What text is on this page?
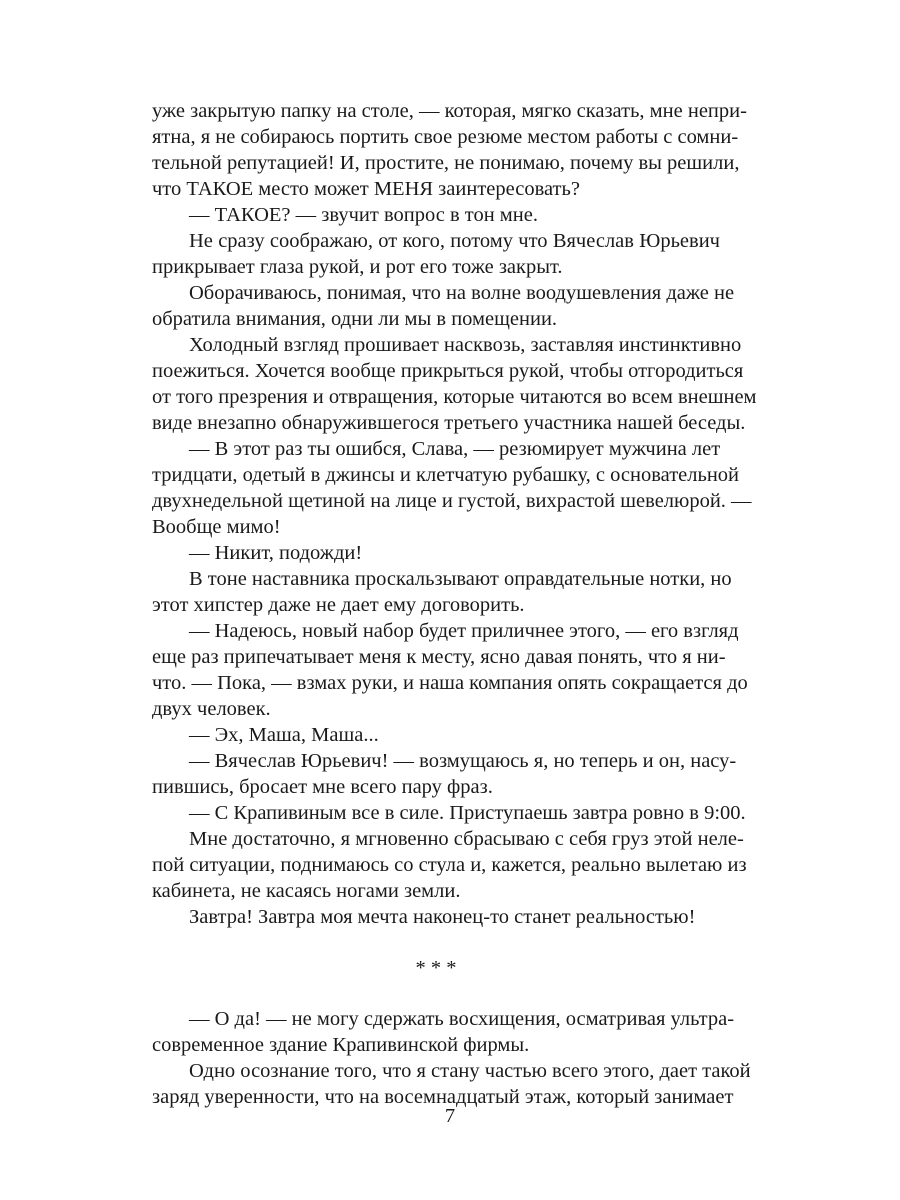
уже закрытую папку на столе, — которая, мягко сказать, мне непри-
ятна, я не собираюсь портить свое резюме местом работы с сомни-
тельной репутацией! И, простите, не понимаю, почему вы решили,
что ТАКОЕ место может МЕНЯ заинтересовать?
— ТАКОЕ? — звучит вопрос в тон мне.
Не сразу соображаю, от кого, потому что Вячеслав Юрьевич
прикрывает глаза рукой, и рот его тоже закрыт.
Оборачиваюсь, понимая, что на волне воодушевления даже не
обратила внимания, одни ли мы в помещении.
Холодный взгляд прошивает насквозь, заставляя инстинктивно
поежиться. Хочется вообще прикрыться рукой, чтобы отгородиться
от того презрения и отвращения, которые читаются во всем внешнем
виде внезапно обнаружившегося третьего участника нашей беседы.
— В этот раз ты ошибся, Слава, — резюмирует мужчина лет
тридцати, одетый в джинсы и клетчатую рубашку, с основательной
двухнедельной щетиной на лице и густой, вихрастой шевелюрой. —
Вообще мимо!
— Никит, подожди!
В тоне наставника проскальзывают оправдательные нотки, но
этот хипстер даже не дает ему договорить.
— Надеюсь, новый набор будет приличнее этого, — его взгляд
еще раз припечатывает меня к месту, ясно давая понять, что я ни-
что. — Пока, — взмах руки, и наша компания опять сокращается до
двух человек.
— Эх, Маша, Маша...
— Вячеслав Юрьевич! — возмущаюсь я, но теперь и он, насу-
пившись, бросает мне всего пару фраз.
— С Крапивиным все в силе. Приступаешь завтра ровно в 9:00.
Мне достаточно, я мгновенно сбрасываю с себя груз этой неле-
пой ситуации, поднимаюсь со стула и, кажется, реально вылетаю из
кабинета, не касаясь ногами земли.
Завтра! Завтра моя мечта наконец-то станет реальностью!
* * *
— О да! — не могу сдержать восхищения, осматривая ультра-
современное здание Крапивинской фирмы.
Одно осознание того, что я стану частью всего этого, дает такой
заряд уверенности, что на восемнадцатый этаж, который занимает
7
